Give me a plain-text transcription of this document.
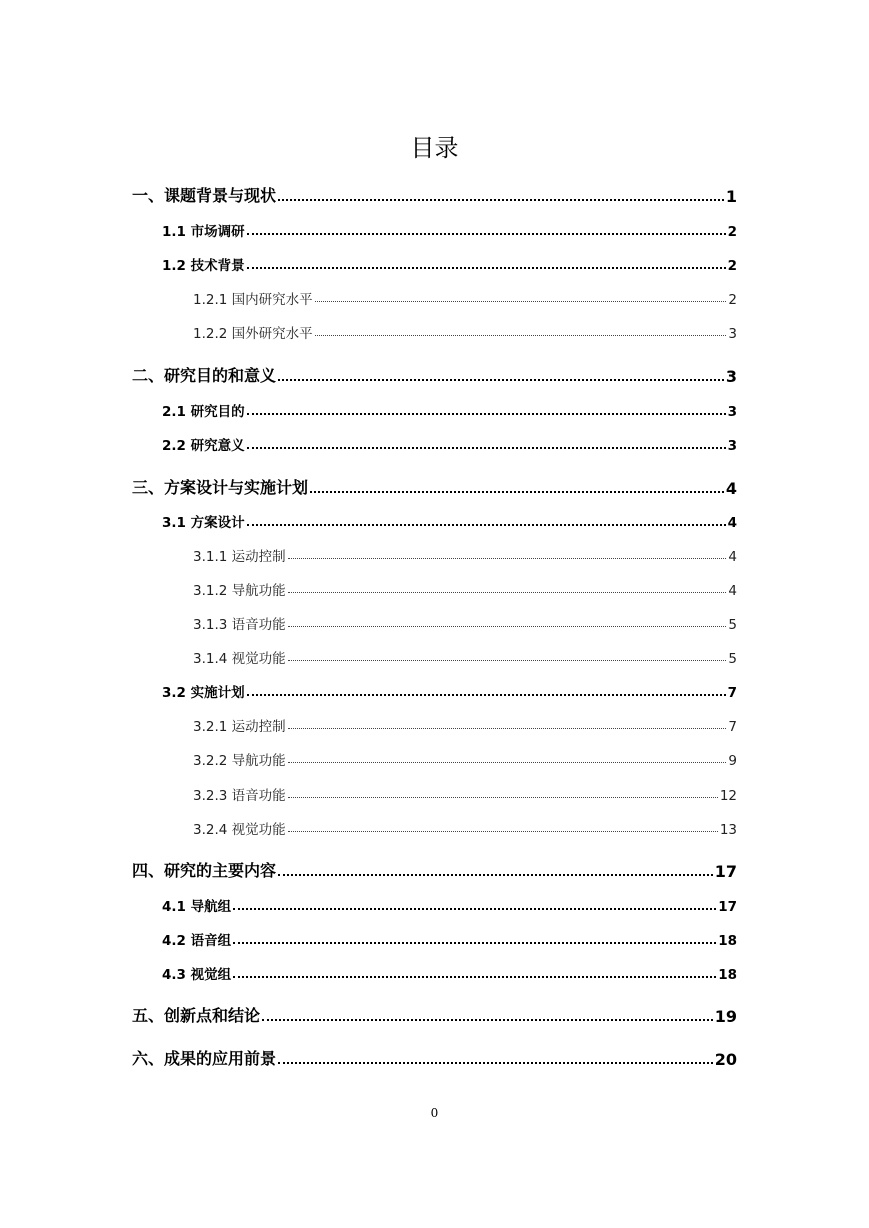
目录
一、课题背景与现状	1
1.1 市场调研	2
1.2 技术背景	2
1.2.1 国内研究水平	2
1.2.2 国外研究水平	3
二、研究目的和意义	3
2.1 研究目的	3
2.2 研究意义	3
三、方案设计与实施计划	4
3.1 方案设计	4
3.1.1 运动控制	4
3.1.2 导航功能	4
3.1.3 语音功能	5
3.1.4 视觉功能	5
3.2 实施计划	7
3.2.1 运动控制	7
3.2.2 导航功能	9
3.2.3 语音功能	12
3.2.4 视觉功能	13
四、研究的主要内容	17
4.1 导航组	17
4.2 语音组	18
4.3 视觉组	18
五、创新点和结论	19
六、成果的应用前景	20
0
